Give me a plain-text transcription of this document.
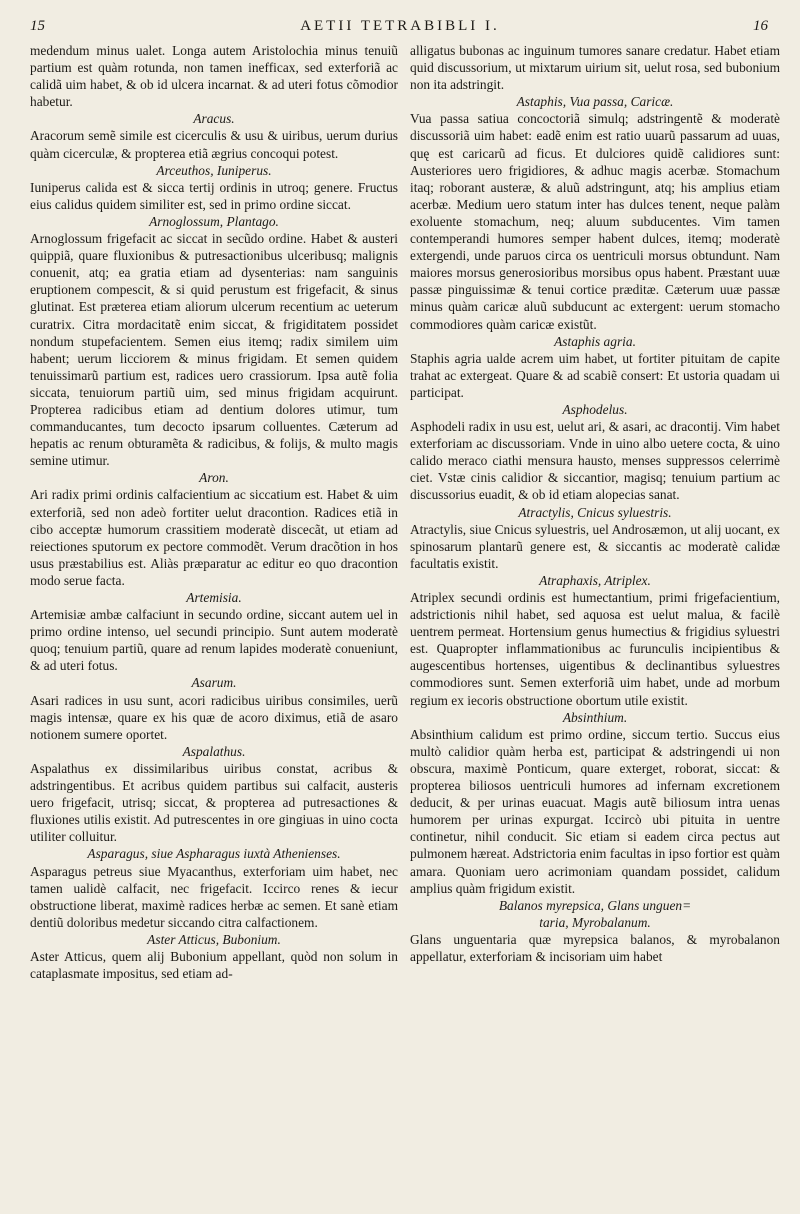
15	AETII TETRABIBLI I.	16

medendum minus ualet. Longa autem Aristolochia minus tenuiũ partium est quàm rotunda, non tamen inefficax, sed exterforiã ac calidã uim habet, & ob id ulcera incarnat. & ad uteri fotus cõmodior habetur.

Aracus.

Aracorum semẽ simile est cicerculis & usu & uiribus, uerum durius quàm cicerculæ, & propterea etiã ægrius concoqui potest.

Arceuthos, Iuniperus.

Iuniperus calida est & sicca tertij ordinis in utroq; genere. Fructus eius calidus quidem similiter est, sed in primo ordine siccat.

Arnoglossum, Plantago.

Arnoglossum frigefacit ac siccat in secũdo ordine. Habet & austeri quippiã, quare fluxionibus & putresactionibus ulceribusq; malignis conuenit, atq; ea gratia etiam ad dysenterias: nam sanguinis eruptionem compescit, & si quid perustum est frigefacit, & sinus glutinat. Est præterea etiam aliorum ulcerum recentium ac ueterum curatrix. Citra mordacitatẽ enim siccat, & frigiditatem possidet nondum stupefacientem. Semen eius itemq; radix similem uim habent; uerum licciorem & minus frigidam. Et semen quidem tenuissimarũ partium est, radices uero crassiorum. Ipsa autẽ folia siccata, tenuiorum partiũ uim, sed minus frigidam acquirunt. Propterea radicibus etiam ad dentium dolores utimur, tum commanducantes, tum decocto ipsarum colluentes. Cæterum ad hepatis ac renum obturamẽta & radicibus, & folijs, & multo magis semine utimur.

Aron.

Ari radix primi ordinis calfacientium ac siccatium est. Habet & uim exterforiã, sed non adeò fortiter uelut dracontion. Radices etiã in cibo acceptæ humorum crassitiem moderatè discecãt, ut etiam ad reiectiones sputorum ex pectore commodẽt. Verum dracõtion in hos usus præstabilius est. Aliàs præparatur ac editur eo quo dracontion modo serue facta.

Artemisia.

Artemisiæ ambæ calfaciunt in secundo ordine, siccant autem uel in primo ordine intenso, uel secundi principio. Sunt autem moderatè quoq; tenuium partiũ, quare ad renum lapides moderatè conueniunt, & ad uteri fotus.

Asarum.

Asari radices in usu sunt, acori radicibus uiribus consimiles, uerũ magis intensæ, quare ex his quæ de acoro diximus, etiã de asaro notionem sumere oportet.

Aspalathus.

Aspalathus ex dissimilaribus uiribus constat, acribus & adstringentibus. Et acribus quidem partibus sui calfacit, austeris uero frigefacit, utrisq; siccat, & propterea ad putresactiones & fluxiones utilis existit. Ad putrescentes in ore gingiuas in uino cocta utiliter colluitur.

Asparagus, siue Aspharagus iuxtà Athenienses.

Asparagus petreus siue Myacanthus, exterforiam uim habet, nec tamen ualidè calfacit, nec frigefacit. Iccirco renes & iecur obstructione liberat, maximè radices herbæ ac semen. Et sanè etiam dentiũ doloribus medetur siccando citra calfactionem.

Aster Atticus, Bubonium.

Aster Atticus, quem alij Bubonium appellant, quòd non solum in cataplasmate impositus, sed etiam ad-

alligatus bubonas ac inguinum tumores sanare credatur. Habet etiam quid discussorium, ut mixtarum uirium sit, uelut rosa, sed bubonium non ita adstringit.

Astaphis, Vua passa, Caricæ.

Vua passa satiua concoctoriã simulq; adstringentẽ & moderatè discussoriã uim habet: eadẽ enim est ratio uuarũ passarum ad uuas, quę est caricarũ ad ficus. Et dulciores quidẽ calidiores sunt: Austeriores uero frigidiores, & adhuc magis acerbæ. Stomachum itaq; roborant austeræ, & aluũ adstringunt, atq; his amplius etiam acerbæ. Medium uero statum inter has dulces tenent, neque palàm exoluente stomachum, neq; aluum subducentes. Vim tamen contemperandi humores semper habent dulces, itemq; moderatè extergendi, unde paruos circa os uentriculi morsus obtundunt. Nam maiores morsus generosioribus morsibus opus habent. Præstant uuæ passæ pinguissimæ & tenui cortice præditæ. Cæterum uuæ passæ minus quàm caricæ aluũ subducunt ac extergent: uerum stomacho commodiores quàm caricæ existũt.

Astaphis agria.

Staphis agria ualde acrem uim habet, ut fortiter pituitam de capite trahat ac extergeat. Quare & ad scabiẽ consert: Et ustoria quadam ui participat.

Asphodelus.

Asphodeli radix in usu est, uelut ari, & asari, ac dracontij. Vim habet exterforiam ac discussoriam. Vnde in uino albo uetere cocta, & uino calido meraco ciathi mensura hausto, menses suppressos celerrimè ciet. Vstæ cinis calidior & siccantior, magisq; tenuium partium ac discussorius euadit, & ob id etiam alopecias sanat.

Atractylis, Cnicus syluestris.

Atractylis, siue Cnicus syluestris, uel Androsæmon, ut alij uocant, ex spinosarum plantarũ genere est, & siccantis ac moderatè calidæ facultatis existit.

Atraphaxis, Atriplex.

Atriplex secundi ordinis est humectantium, primi frigefacientium, adstrictionis nihil habet, sed aquosa est uelut malua, & facilè uentrem permeat. Hortensium genus humectius & frigidius syluestri est. Quapropter inflammationibus ac furunculis incipientibus & augescentibus hortenses, uigentibus & declinantibus syluestres commodiores sunt. Semen exterforiã uim habet, unde ad morbum regium ex iecoris obstructione obortum utile existit.

Absinthium.

Absinthium calidum est primo ordine, siccum tertio. Succus eius multò calidior quàm herba est, participat & adstringendi ui non obscura, maximè Ponticum, quare exterget, roborat, siccat: & propterea biliosos uentriculi humores ad infernam excretionem deducit, & per urinas euacuat. Magis autẽ biliosum intra uenas humorem per urinas expurgat. Iccircò ubi pituita in uentre continetur, nihil conducit. Sic etiam si eadem circa pectus aut pulmonem hæreat. Adstrictoria enim facultas in ipso fortior est quàm amara. Quoniam uero acrimoniam quandam possidet, calidum amplius quàm frigidum existit.

Balanos myrepsica, Glans unguen=
taria, Myrobalanum.

Glans unguentaria quæ myrepsica balanos, & myrobalanon appellatur, exterforiam & incisoriam uim habet
